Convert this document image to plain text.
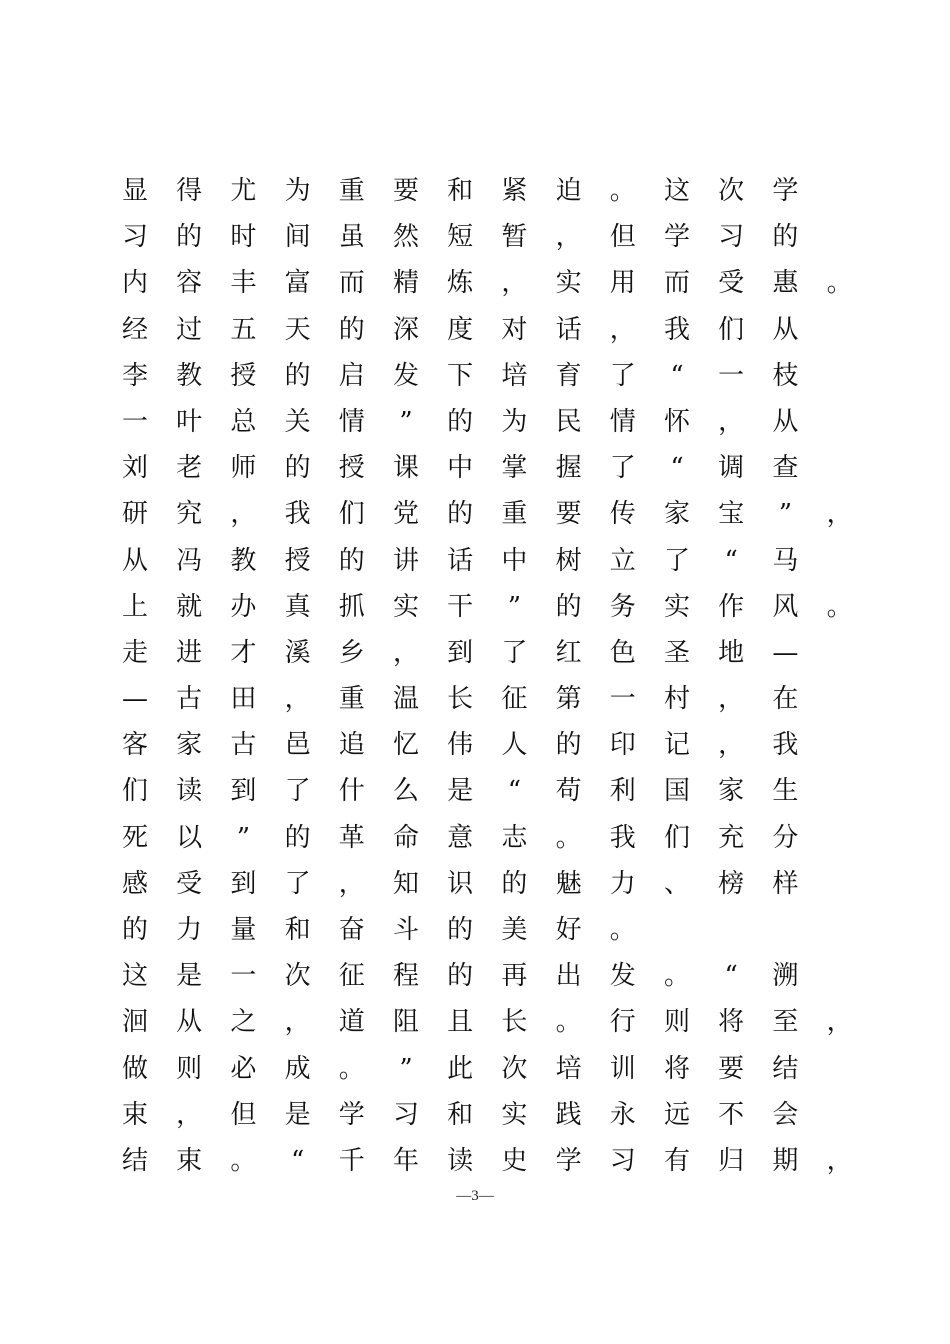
显 得 尤 为 重 要 和 紧 迫 。 这 次 学
习 的 时 间 虽 然 短 暂 ， 但 学 习 的
内 容 丰 富 而 精 炼 ， 实 用 而 受 惠 。
经 过 五 天 的 深 度 对 话 ， 我 们 从
李 教 授 的 启 发 下 培 育 了	“	一 枝
一 叶 总 关 情	”	的 为 民 情 怀 ， 从
刘 老 师 的 授 课 中 掌 握 了	“	调 查
研 究 ， 我 们 党 的 重 要 传 家 宝	”	，
从 冯 教 授 的 讲 话 中 树 立 了	“	马
上 就 办 真 抓 实 干	”	的 务 实 作 风 。
走 进 才 溪 乡 ， 到 了 红 色 圣 地 —
— 古 田 ， 重 温 长 征 第 一 村 ， 在
客 家 古 邑 追 忆 伟 人 的 印 记 ， 我
们 读 到 了 什 么 是	“	苟 利 国 家 生
死 以	”	的 革 命 意 志 。 我 们 充 分
感 受 到 了 ， 知 识 的 魅 力 、 榜 样
的 力 量 和 奋 斗 的 美 好 。
这 是 一 次 征 程 的 再 出 发 。	“	溯
洄 从 之 ， 道 阻 且 长 。 行 则 将 至 ，
做 则 必 成 。	”	此 次 培 训 将 要 结
束 ， 但 是 学 习 和 实 践 永 远 不 会
结 束 。	“	千 年 读 史 学 习 有 归 期 ，
—3—
